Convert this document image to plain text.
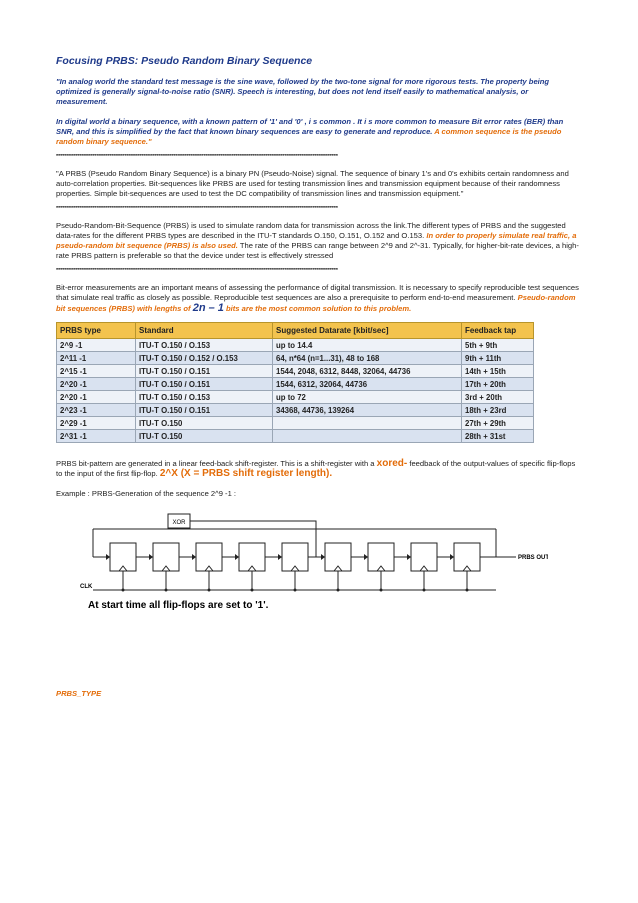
Focusing PRBS: Pseudo Random Binary Sequence

"In analog world the standard test message is the sine wave, followed by the two-tone signal for more rigorous tests. The property being optimized is generally signal-to-noise ratio (SNR). Speech is interesting, but does not lend itself easily to mathematical analysis, or measurement.

In digital world a binary sequence, with a known pattern of '1' and '0' , i s common . It i s more common to measure Bit error rates (BER) than SNR, and this is simplified by the fact that known binary sequences are easy to generate and reproduce. A common sequence is the pseudo random binary sequence."

************************************************************************************************************************************

"A PRBS (Pseudo Random Binary Sequence) is a binary PN (Pseudo-Noise) signal. The sequence of binary 1's and 0's exhibits certain randomness and auto-correlation properties. Bit-sequences like PRBS are used for testing transmission lines and transmission equipment because of their randomness properties. Simple bit-sequences are used to test the DC compatibility of transmission lines and transmission equipment."

************************************************************************************************************************************

Pseudo-Random-Bit-Sequence (PRBS) is used to simulate random data for transmission across the link.The different types of PRBS and the suggested data-rates for the different PRBS types are described in the ITU-T standards O.150, O.151, O.152 and O.153. In order to properly simulate real traffic, a pseudo-random bit sequence (PRBS) is also used. The rate of the PRBS can range between 2^9 and 2^-31. Typically, for higher-bit-rate devices, a high-rate PRBS pattern is preferable so that the device under test is effectively stressed

************************************************************************************************************************************

Bit-error measurements are an important means of assessing the performance of digital transmission. It is necessary to specify reproducible test sequences that simulate real traffic as closely as possible. Reproducible test sequences are also a prerequisite to perform end-to-end measurement. Pseudo-random bit sequences (PRBS) with lengths of 2n – 1 bits are the most common solution to this problem.

PRBS type	Standard	Suggested Datarate [kbit/sec]	Feedback tap
2^9 -1	ITU-T O.150 / O.153	up to 14.4	5th + 9th
2^11 -1	ITU-T O.150 / O.152 / O.153	64, n*64 (n=1...31), 48 to 168	9th + 11th
2^15 -1	ITU-T O.150 / O.151	1544, 2048, 6312, 8448, 32064, 44736	14th + 15th
2^20 -1	ITU-T O.150 / O.151	1544, 6312, 32064, 44736	17th + 20th
2^20 -1	ITU-T O.150 / O.153	up to 72	3rd + 20th
2^23 -1	ITU-T O.150 / O.151	34368, 44736, 139264	18th + 23rd
2^29 -1	ITU-T O.150		27th + 29th
2^31 -1	ITU-T O.150		28th + 31st

PRBS bit-pattern are generated in a linear feed-back shift-register. This is a shift-register with a xored- feedback of the output-values of specific flip-flops to the input of the first flip-flop. 2^X (X = PRBS shift register length).

Example : PRBS-Generation of the sequence 2^9 -1 :

XOR
PRBS OUT
CLK
At start time all flip-flops are set to '1'.
PRBS_TYPE
